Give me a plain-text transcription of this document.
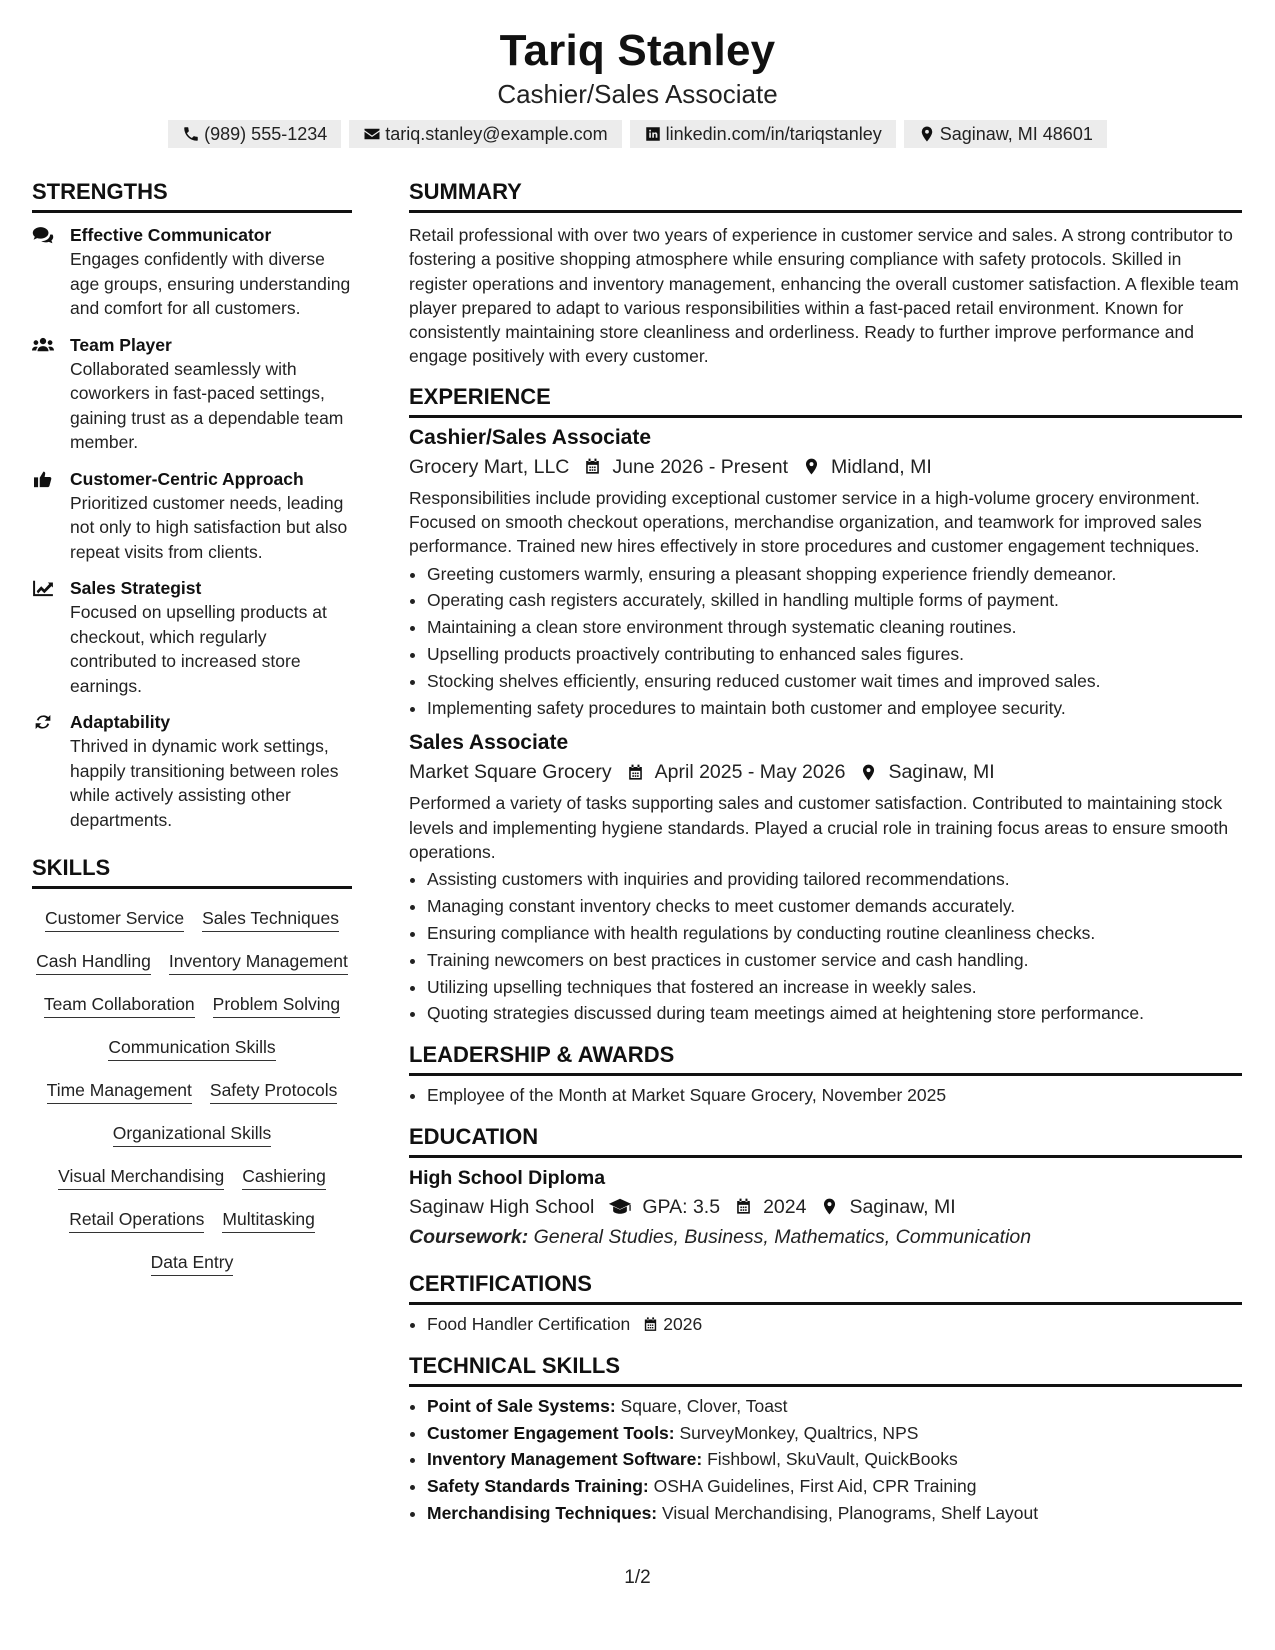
Tariq Stanley
Cashier/Sales Associate
(989) 555-1234	tariq.stanley@example.com	linkedin.com/in/tariqstanley	Saginaw, MI 48601
STRENGTHS
Effective Communicator
Engages confidently with diverse age groups, ensuring understanding and comfort for all customers.
Team Player
Collaborated seamlessly with coworkers in fast-paced settings, gaining trust as a dependable team member.
Customer-Centric Approach
Prioritized customer needs, leading not only to high satisfaction but also repeat visits from clients.
Sales Strategist
Focused on upselling products at checkout, which regularly contributed to increased store earnings.
Adaptability
Thrived in dynamic work settings, happily transitioning between roles while actively assisting other departments.
SKILLS
Customer Service Sales Techniques
Cash Handling Inventory Management
Team Collaboration Problem Solving
Communication Skills
Time Management Safety Protocols
Organizational Skills
Visual Merchandising Cashiering
Retail Operations Multitasking
Data Entry
SUMMARY
Retail professional with over two years of experience in customer service and sales. A strong contributor to fostering a positive shopping atmosphere while ensuring compliance with safety protocols. Skilled in register operations and inventory management, enhancing the overall customer satisfaction. A flexible team player prepared to adapt to various responsibilities within a fast-paced retail environment. Known for consistently maintaining store cleanliness and orderliness. Ready to further improve performance and engage positively with every customer.
EXPERIENCE
Cashier/Sales Associate
Grocery Mart, LLC June 2026 - Present Midland, MI
Responsibilities include providing exceptional customer service in a high-volume grocery environment. Focused on smooth checkout operations, merchandise organization, and teamwork for improved sales performance. Trained new hires effectively in store procedures and customer engagement techniques.
• Greeting customers warmly, ensuring a pleasant shopping experience friendly demeanor.
• Operating cash registers accurately, skilled in handling multiple forms of payment.
• Maintaining a clean store environment through systematic cleaning routines.
• Upselling products proactively contributing to enhanced sales figures.
• Stocking shelves efficiently, ensuring reduced customer wait times and improved sales.
• Implementing safety procedures to maintain both customer and employee security.
Sales Associate
Market Square Grocery April 2025 - May 2026 Saginaw, MI
Performed a variety of tasks supporting sales and customer satisfaction. Contributed to maintaining stock levels and implementing hygiene standards. Played a crucial role in training focus areas to ensure smooth operations.
• Assisting customers with inquiries and providing tailored recommendations.
• Managing constant inventory checks to meet customer demands accurately.
• Ensuring compliance with health regulations by conducting routine cleanliness checks.
• Training newcomers on best practices in customer service and cash handling.
• Utilizing upselling techniques that fostered an increase in weekly sales.
• Quoting strategies discussed during team meetings aimed at heightening store performance.
LEADERSHIP & AWARDS
• Employee of the Month at Market Square Grocery, November 2025
EDUCATION
High School Diploma
Saginaw High School GPA: 3.5 2024 Saginaw, MI
Coursework: General Studies, Business, Mathematics, Communication
CERTIFICATIONS
• Food Handler Certification 2026
TECHNICAL SKILLS
• Point of Sale Systems: Square, Clover, Toast
• Customer Engagement Tools: SurveyMonkey, Qualtrics, NPS
• Inventory Management Software: Fishbowl, SkuVault, QuickBooks
• Safety Standards Training: OSHA Guidelines, First Aid, CPR Training
• Merchandising Techniques: Visual Merchandising, Planograms, Shelf Layout
1/2
